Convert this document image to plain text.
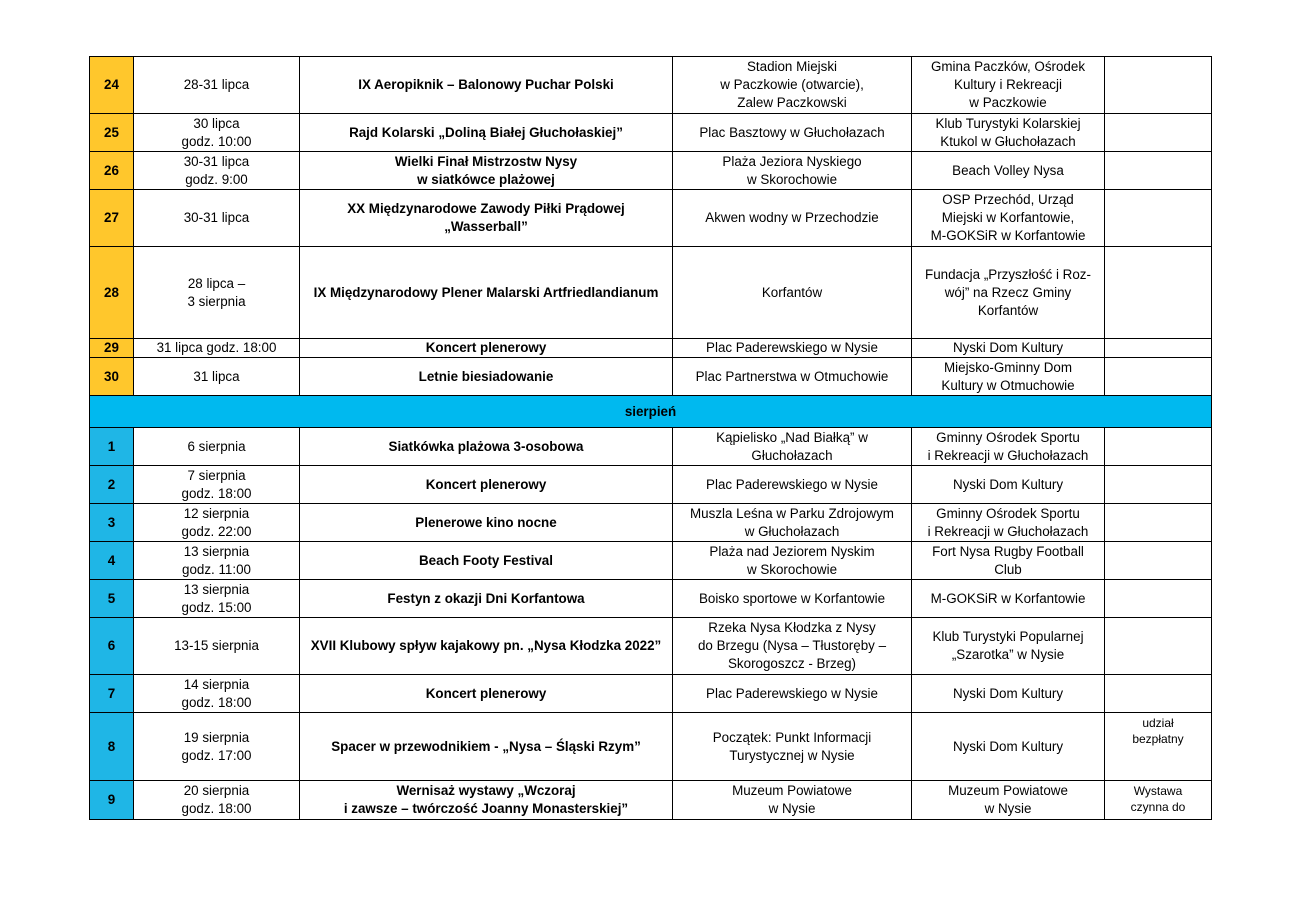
24	28-31 lipca	IX Aeropiknik – Balonowy Puchar Polski	Stadion Miejski
w Paczkowie (otwarcie),
Zalew Paczkowski	Gmina Paczków, Ośrodek
Kultury i Rekreacji
w Paczkowie	
25	30 lipca
godz. 10:00	Rajd Kolarski „Doliną Białej Głuchołaskiej”	Plac Basztowy w Głuchołazach	Klub Turystyki Kolarskiej
Ktukol w Głuchołazach	
26	30-31 lipca
godz. 9:00	Wielki Finał Mistrzostw Nysy
w siatkówce plażowej	Plaża Jeziora Nyskiego
w Skorochowie	Beach Volley Nysa	
27	30-31 lipca	XX Międzynarodowe Zawody Piłki Prądowej
„Wasserball”	Akwen wodny w Przechodzie	OSP Przechód, Urząd
Miejski w Korfantowie,
M-GOKSiR w Korfantowie	
28	28 lipca –
3 sierpnia	IX Międzynarodowy Plener Malarski Artfriedlandianum	Korfantów	Fundacja „Przyszłość i Roz-
wój” na Rzecz Gminy
Korfantów	
29	31 lipca godz. 18:00	Koncert plenerowy	Plac Paderewskiego w Nysie	Nyski Dom Kultury	
30	31 lipca	Letnie biesiadowanie	Plac Partnerstwa w Otmuchowie	Miejsko-Gminny Dom
Kultury w Otmuchowie	
sierpień					
1	6 sierpnia	Siatkówka plażowa 3-osobowa	Kąpielisko „Nad Białką” w
Głuchołazach	Gminny Ośrodek Sportu
i Rekreacji w Głuchołazach	
2	7 sierpnia
godz. 18:00	Koncert plenerowy	Plac Paderewskiego w Nysie	Nyski Dom Kultury	
3	12 sierpnia
godz. 22:00	Plenerowe kino nocne	Muszla Leśna w Parku Zdrojowym
w Głuchołazach	Gminny Ośrodek Sportu
i Rekreacji w Głuchołazach	
4	13 sierpnia
godz. 11:00	Beach Footy Festival	Plaża nad Jeziorem Nyskim
w Skorochowie	Fort Nysa Rugby Football
Club	
5	13 sierpnia
godz. 15:00	Festyn z okazji Dni Korfantowa	Boisko sportowe w Korfantowie	M-GOKSiR w Korfantowie	
6	13-15 sierpnia	XVII Klubowy spływ kajakowy pn. „Nysa Kłodzka 2022”	Rzeka Nysa Kłodzka z Nysy
do Brzegu (Nysa – Tłustoręby –
Skorogoszcz - Brzeg)	Klub Turystyki Popularnej
„Szarotka” w Nysie	
7	14 sierpnia
godz. 18:00	Koncert plenerowy	Plac Paderewskiego w Nysie	Nyski Dom Kultury	
8	19 sierpnia
godz. 17:00	Spacer w przewodnikiem - „Nysa – Śląski Rzym”	Początek: Punkt Informacji
Turystycznej w Nysie	Nyski Dom Kultury	udział
bezpłatny
9	20 sierpnia
godz. 18:00	Wernisaż wystawy „Wczoraj
i zawsze – twórczość Joanny Monasterskiej”	Muzeum Powiatowe
w Nysie	Muzeum Powiatowe
w Nysie	Wystawa
czynna do
